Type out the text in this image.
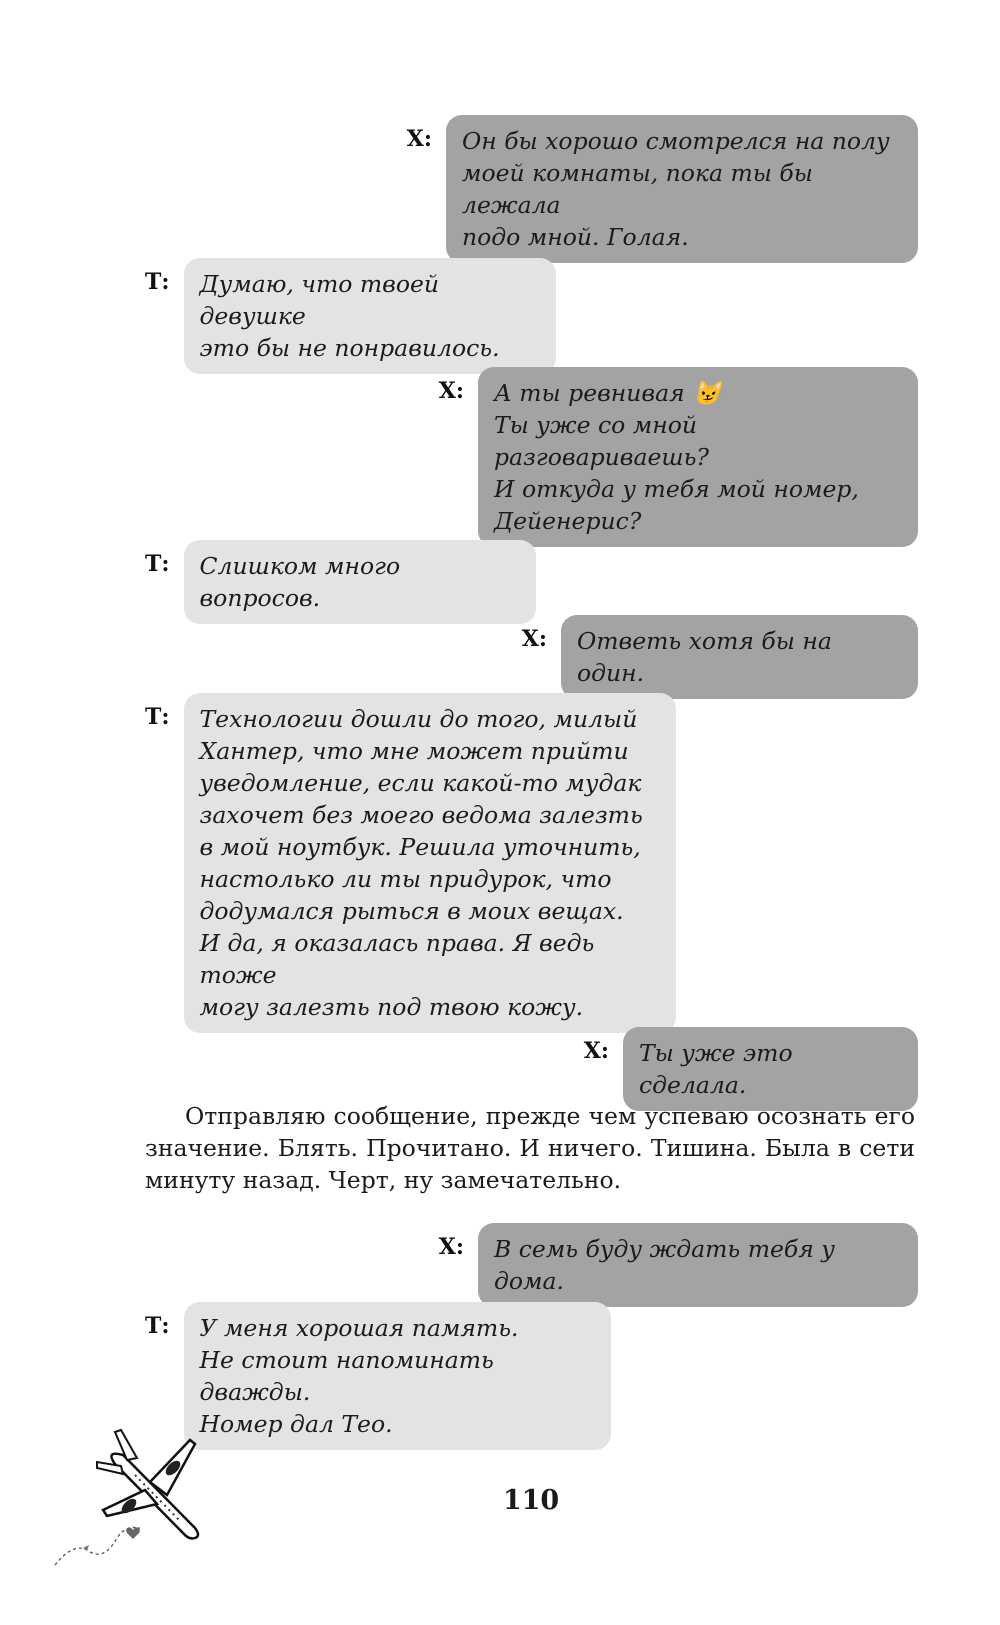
X:	Он бы хорошо смотрелся на полу
моей комнаты, пока ты бы лежала
подо мной. Голая.
Т:	Думаю, что твоей девушке
это бы не понравилось.
X:	А ты ревнивая 😼
Ты уже со мной разговариваешь?
И откуда у тебя мой номер,
Дейенерис?
Т:	Слишком много вопросов.
X:	Ответь хотя бы на один.
Т:	Технологии дошли до того, милый
Хантер, что мне может прийти
уведомление, если какой-то мудак
захочет без моего ведома залезть
в мой ноутбук. Решила уточнить,
настолько ли ты придурок, что
додумался рыться в моих вещах.
И да, я оказалась права. Я ведь тоже
могу залезть под твою кожу.
X:	Ты уже это сделала.
Отправляю сообщение, прежде чем успеваю осознать его значение. Блять. Прочитано. И ничего. Тишина. Была в сети минуту назад. Черт, ну замечательно.
X:	В семь буду ждать тебя у дома.
Т:	У меня хорошая память.
Не стоит напоминать дважды.
Номер дал Тео.
110
